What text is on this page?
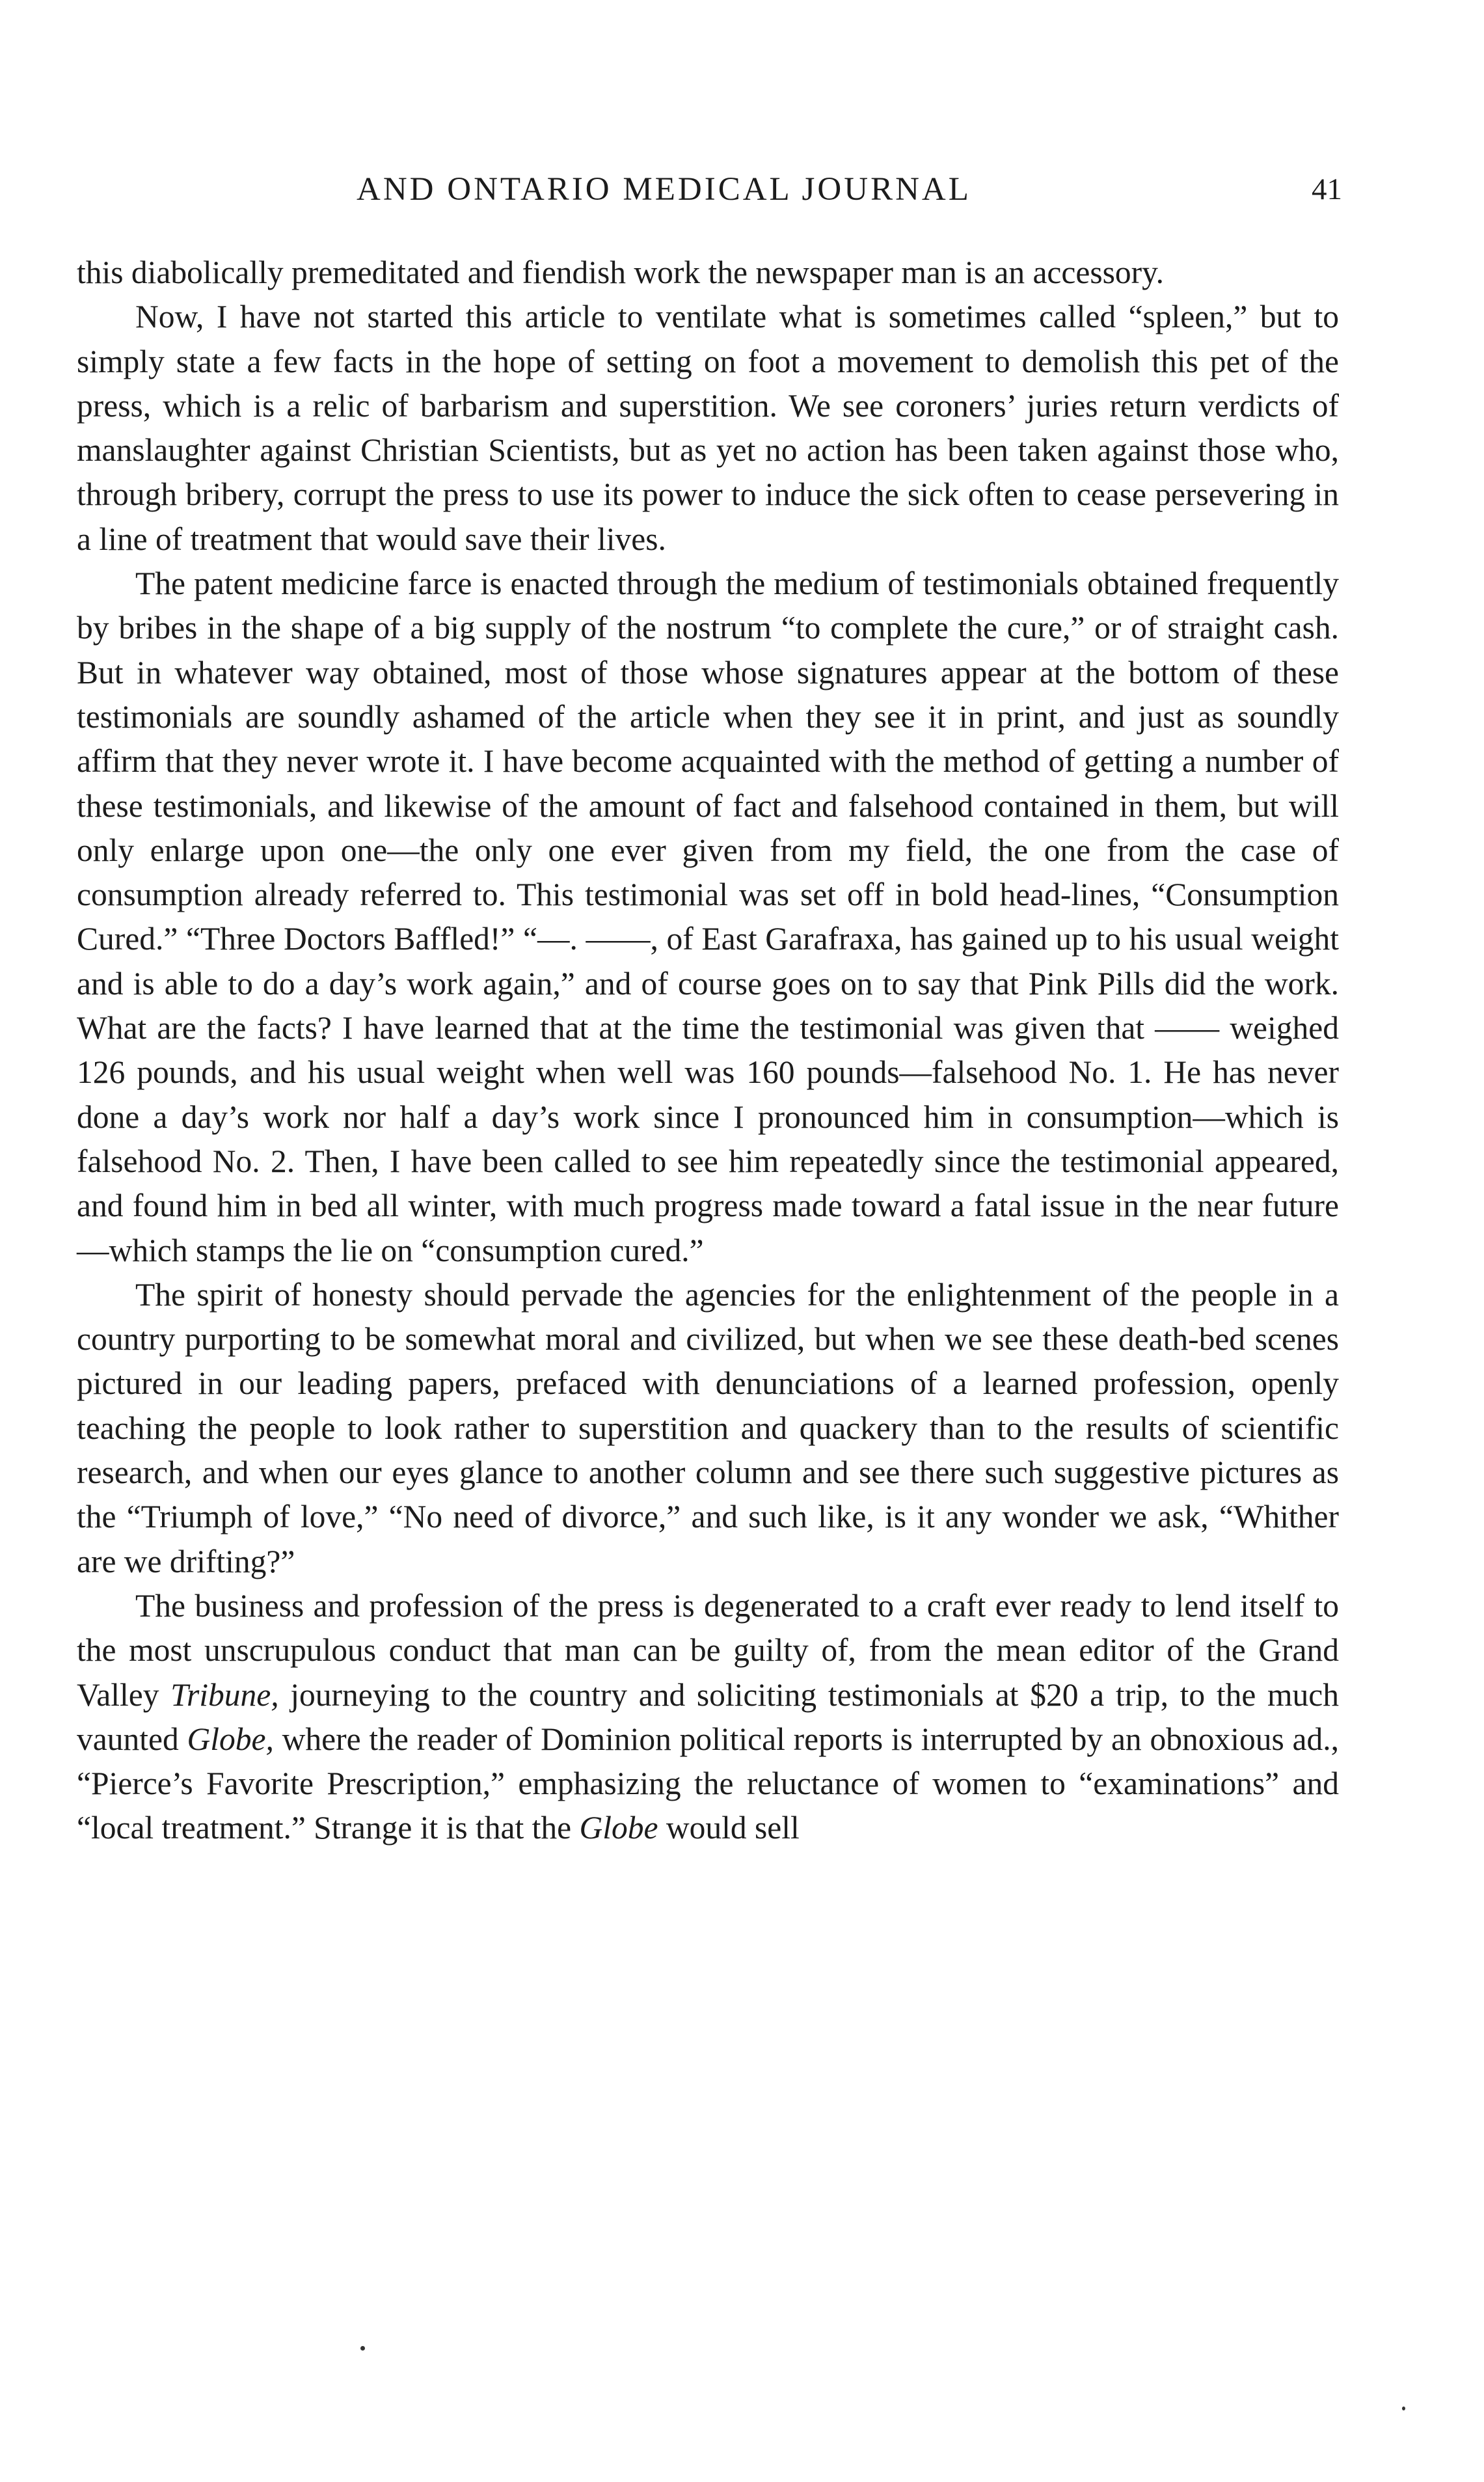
AND ONTARIO MEDICAL JOURNAL	41

this diabolically premeditated and fiendish work the newspaper man is an accessory.

Now, I have not started this article to ventilate what is sometimes called “spleen,” but to simply state a few facts in the hope of setting on foot a movement to demolish this pet of the press, which is a relic of barbarism and superstition. We see coroners’ juries return verdicts of manslaughter against Christian Scientists, but as yet no action has been taken against those who, through bribery, corrupt the press to use its power to induce the sick often to cease persevering in a line of treatment that would save their lives.

The patent medicine farce is enacted through the medium of testimonials obtained frequently by bribes in the shape of a big supply of the nostrum “to complete the cure,” or of straight cash. But in whatever way obtained, most of those whose signatures appear at the bottom of these testimonials are soundly ashamed of the article when they see it in print, and just as soundly affirm that they never wrote it. I have become acquainted with the method of getting a number of these testimonials, and likewise of the amount of fact and falsehood contained in them, but will only enlarge upon one—the only one ever given from my field, the one from the case of consumption already referred to. This testimonial was set off in bold head-lines, “Consumption Cured.” “Three Doctors Baffled!” “—. ——, of East Garafraxa, has gained up to his usual weight and is able to do a day’s work again,” and of course goes on to say that Pink Pills did the work. What are the facts? I have learned that at the time the testimonial was given that —— weighed 126 pounds, and his usual weight when well was 160 pounds—falsehood No. 1. He has never done a day’s work nor half a day’s work since I pronounced him in consumption—which is falsehood No. 2. Then, I have been called to see him repeatedly since the testimonial appeared, and found him in bed all winter, with much progress made toward a fatal issue in the near future—which stamps the lie on “consumption cured.”

The spirit of honesty should pervade the agencies for the enlightenment of the people in a country purporting to be somewhat moral and civilized, but when we see these death-bed scenes pictured in our leading papers, prefaced with denunciations of a learned profession, openly teaching the people to look rather to superstition and quackery than to the results of scientific research, and when our eyes glance to another column and see there such suggestive pictures as the “Triumph of love,” “No need of divorce,” and such like, is it any wonder we ask, “Whither are we drifting?”

The business and profession of the press is degenerated to a craft ever ready to lend itself to the most unscrupulous conduct that man can be guilty of, from the mean editor of the Grand Valley Tribune, journeying to the country and soliciting testimonials at $20 a trip, to the much vaunted Globe, where the reader of Dominion political reports is interrupted by an obnoxious ad., “Pierce’s Favorite Prescription,” emphasizing the reluctance of women to “examinations” and “local treatment.” Strange it is that the Globe would sell
